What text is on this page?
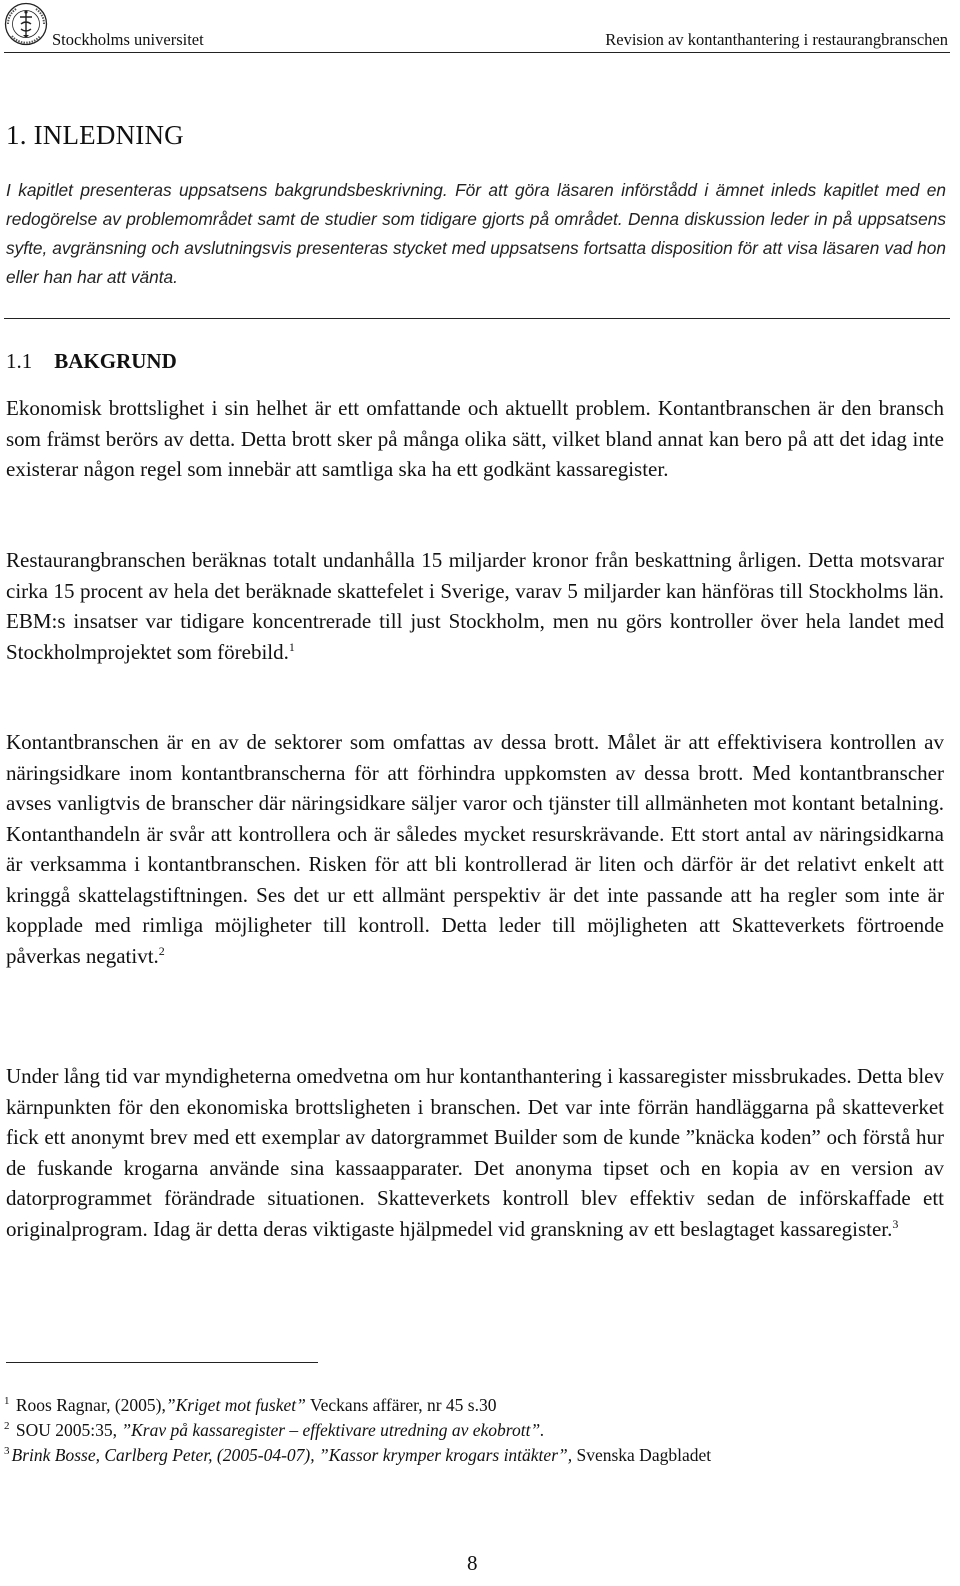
Stockholms universitet	Revision av kontanthantering i restaurangbranschen
1. INLEDNING

I kapitlet presenteras uppsatsens bakgrundsbeskrivning. För att göra läsaren införstådd i ämnet inleds kapitlet med en redogörelse av problemområdet samt de studier som tidigare gjorts på området. Denna diskussion leder in på uppsatsens syfte, avgränsning och avslutningsvis presenteras stycket med uppsatsens fortsatta disposition för att visa läsaren vad hon eller han har att vänta.

1.1 BAKGRUND

Ekonomisk brottslighet i sin helhet är ett omfattande och aktuellt problem. Kontantbranschen är den bransch som främst berörs av detta. Detta brott sker på många olika sätt, vilket bland annat kan bero på att det idag inte existerar någon regel som innebär att samtliga ska ha ett godkänt kassaregister.

Restaurangbranschen beräknas totalt undanhålla 15 miljarder kronor från beskattning årligen. Detta motsvarar cirka 15 procent av hela det beräknade skattefelet i Sverige, varav 5 miljarder kan hänföras till Stockholms län. EBM:s insatser var tidigare koncentrerade till just Stockholm, men nu görs kontroller över hela landet med Stockholmprojektet som förebild.$^1$

Kontantbranschen är en av de sektorer som omfattas av dessa brott. Målet är att effektivisera kontrollen av näringsidkare inom kontantbranscherna för att förhindra uppkomsten av dessa brott. Med kontantbranscher avses vanligtvis de branscher där näringsidkare säljer varor och tjänster till allmänheten mot kontant betalning. Kontanthandeln är svår att kontrollera och är således mycket resurskrävande. Ett stort antal av näringsidkarna är verksamma i kontantbranschen. Risken för att bli kontrollerad är liten och därför är det relativt enkelt att kringgå skattelagstiftningen. Ses det ur ett allmänt perspektiv är det inte passande att ha regler som inte är kopplade med rimliga möjligheter till kontroll. Detta leder till möjligheten att Skatteverkets förtroende påverkas negativt.$^2$

Under lång tid var myndigheterna omedvetna om hur kontanthantering i kassaregister missbrukades. Detta blev kärnpunkten för den ekonomiska brottsligheten i branschen. Det var inte förrän handläggarna på skatteverket fick ett anonymt brev med ett exemplar av datorgrammet Builder som de kunde ”knäcka koden” och förstå hur de fuskande krogarna använde sina kassaapparater. Det anonyma tipset och en kopia av en version av datorprogrammet förändrade situationen. Skatteverkets kontroll blev effektiv sedan de införskaffade ett originalprogram. Idag är detta deras viktigaste hjälpmedel vid granskning av ett beslagtaget kassaregister.$^3$

$^1$ Roos Ragnar, (2005),”Kriget mot fusket” Veckans affärer, nr 45 s.30

$^2$ SOU 2005:35, ”Krav på kassaregister – effektivare utredning av ekobrott”.

$^3$ Brink Bosse, Carlberg Peter, (2005-04-07), ”Kassor krymper krogars intäkter”, Svenska Dagbladet

8
